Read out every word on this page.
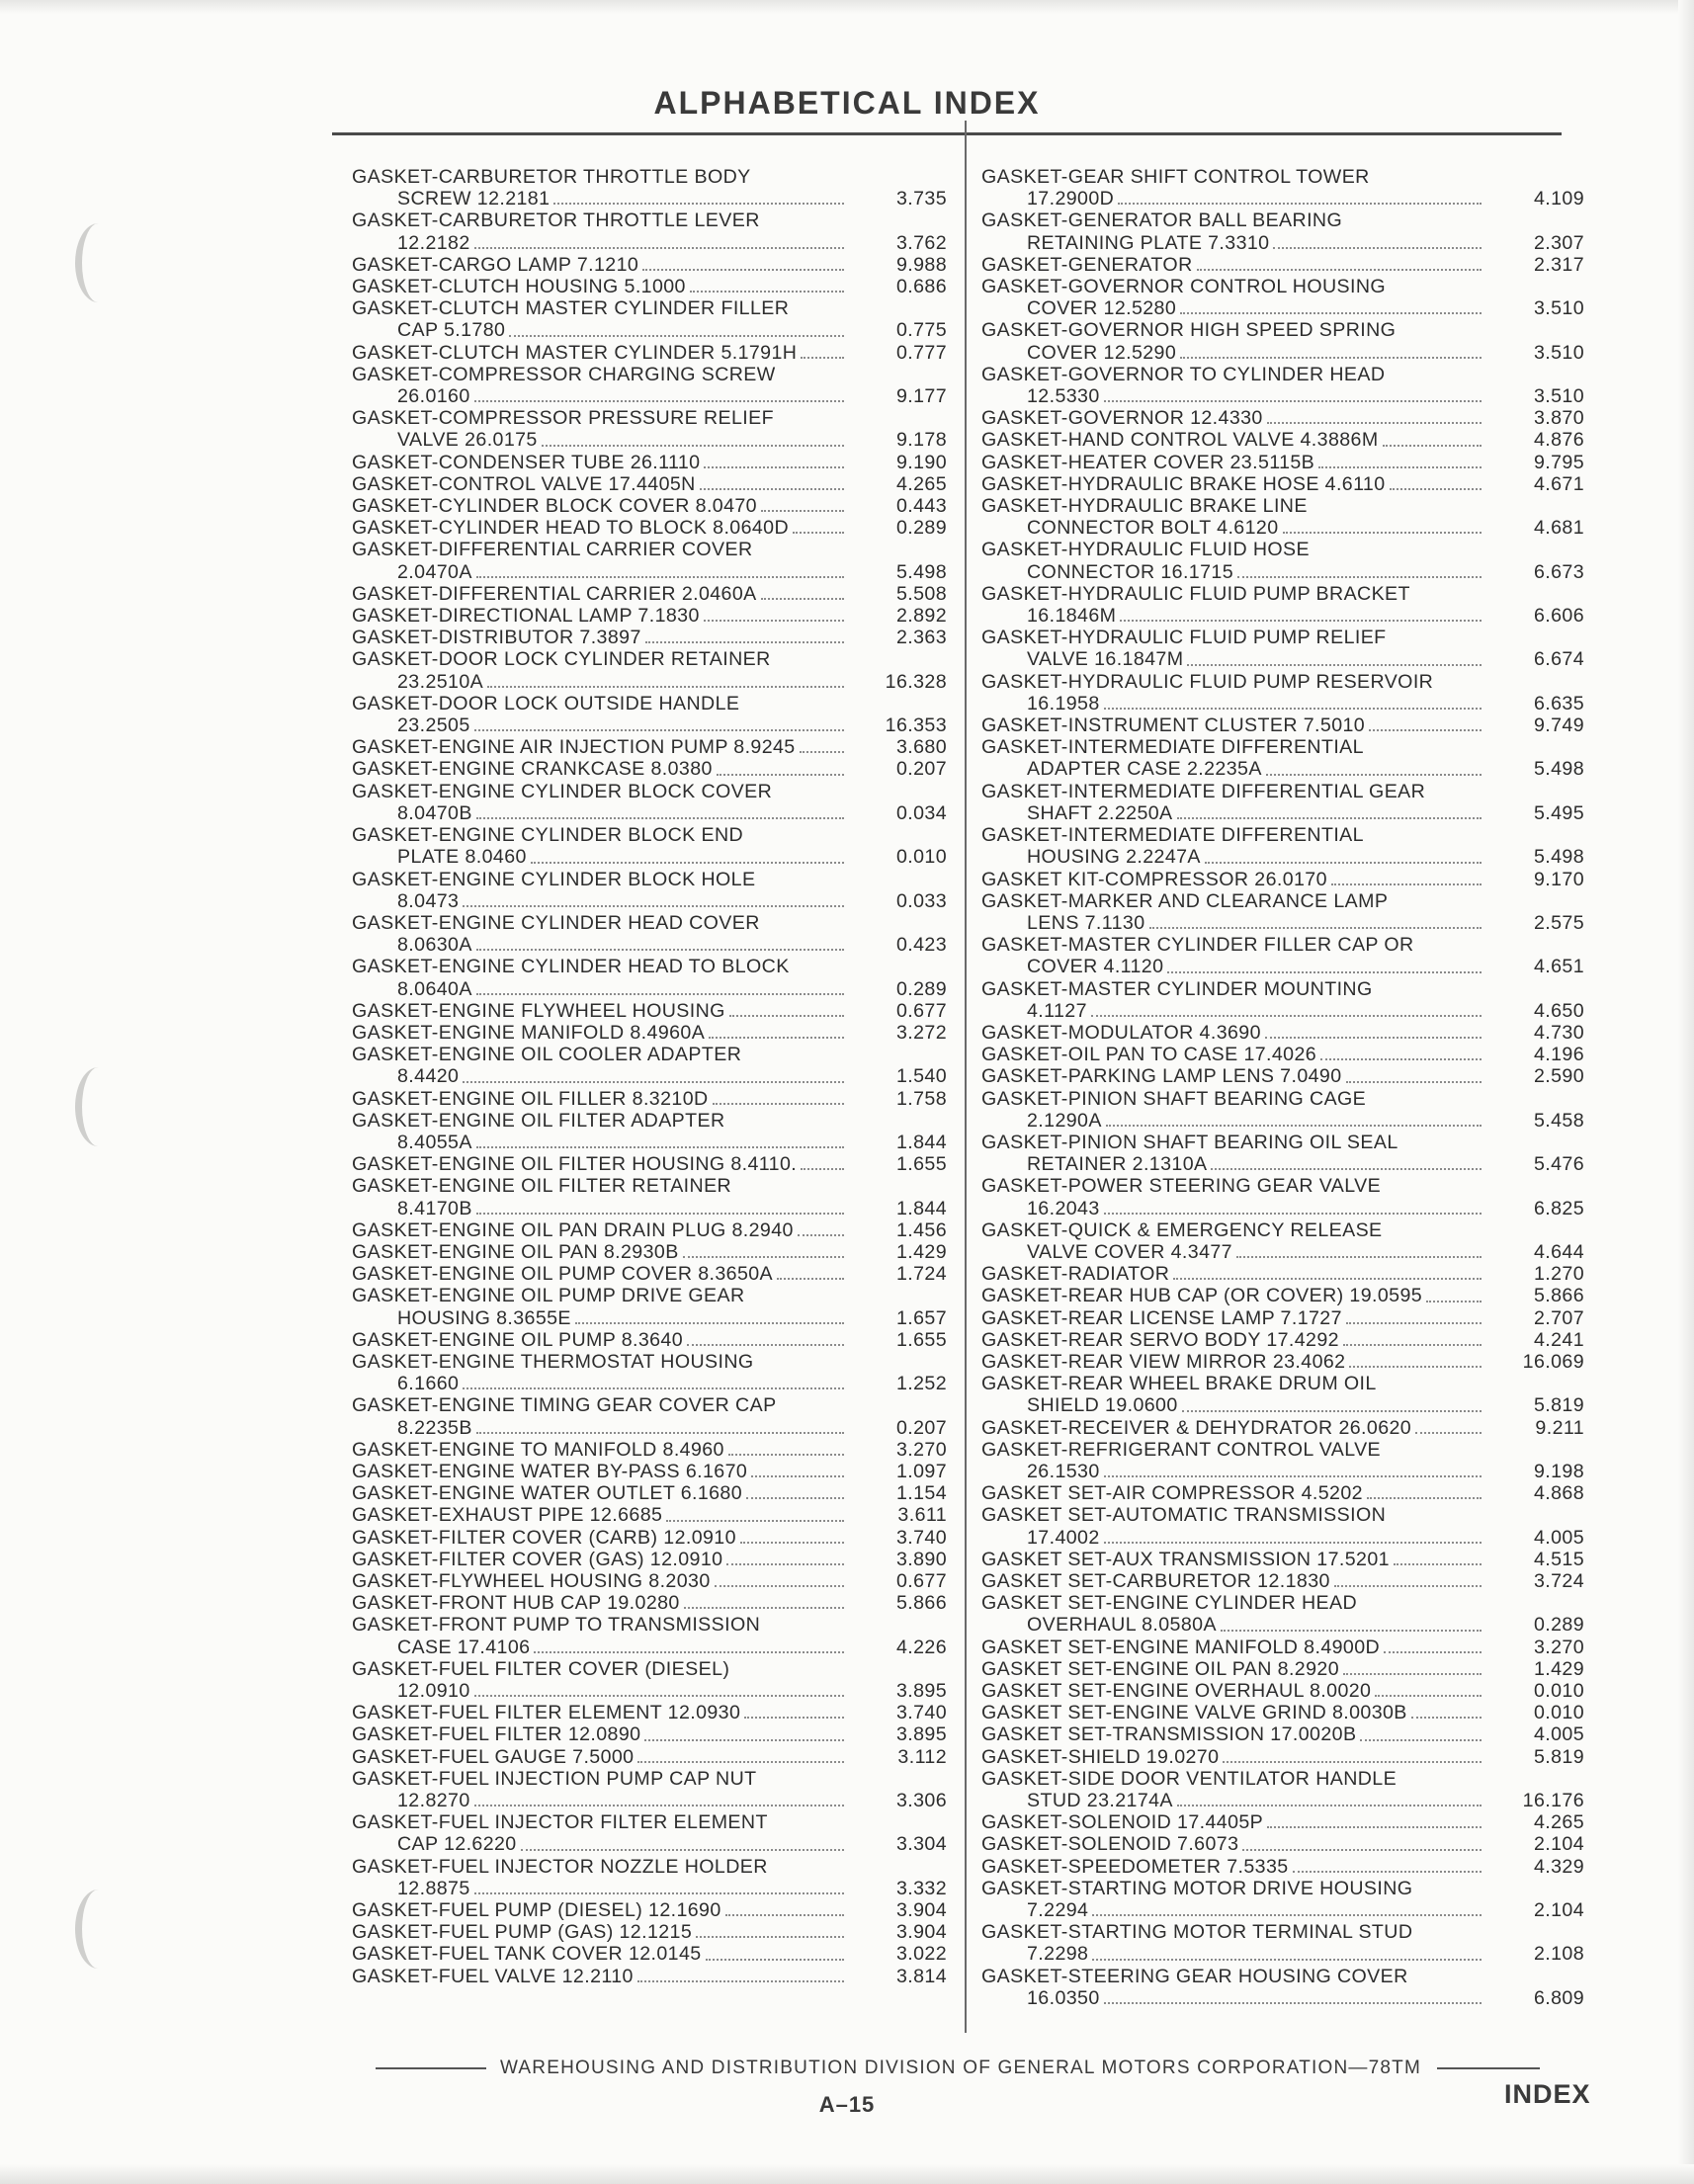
ALPHABETICAL INDEX
GASKET-CARBURETOR THROTTLE BODY
SCREW 12.2181	3.735
GASKET-CARBURETOR THROTTLE LEVER
12.2182	3.762
GASKET-CARGO LAMP 7.1210	9.988
GASKET-CLUTCH HOUSING 5.1000	0.686
GASKET-CLUTCH MASTER CYLINDER FILLER
CAP 5.1780	0.775
GASKET-CLUTCH MASTER CYLINDER 5.1791H	0.777
GASKET-COMPRESSOR CHARGING SCREW
26.0160	9.177
GASKET-COMPRESSOR PRESSURE RELIEF
VALVE 26.0175	9.178
GASKET-CONDENSER TUBE 26.1110	9.190
GASKET-CONTROL VALVE 17.4405N	4.265
GASKET-CYLINDER BLOCK COVER 8.0470	0.443
GASKET-CYLINDER HEAD TO BLOCK 8.0640D	0.289
GASKET-DIFFERENTIAL CARRIER COVER
2.0470A	5.498
GASKET-DIFFERENTIAL CARRIER 2.0460A	5.508
GASKET-DIRECTIONAL LAMP 7.1830	2.892
GASKET-DISTRIBUTOR 7.3897	2.363
GASKET-DOOR LOCK CYLINDER RETAINER
23.2510A	16.328
GASKET-DOOR LOCK OUTSIDE HANDLE
23.2505	16.353
GASKET-ENGINE AIR INJECTION PUMP 8.9245	3.680
GASKET-ENGINE CRANKCASE 8.0380	0.207
GASKET-ENGINE CYLINDER BLOCK COVER
8.0470B	0.034
GASKET-ENGINE CYLINDER BLOCK END
PLATE 8.0460	0.010
GASKET-ENGINE CYLINDER BLOCK HOLE
8.0473	0.033
GASKET-ENGINE CYLINDER HEAD COVER
8.0630A	0.423
GASKET-ENGINE CYLINDER HEAD TO BLOCK
8.0640A	0.289
GASKET-ENGINE FLYWHEEL HOUSING	0.677
GASKET-ENGINE MANIFOLD 8.4960A	3.272
GASKET-ENGINE OIL COOLER ADAPTER
8.4420	1.540
GASKET-ENGINE OIL FILLER 8.3210D	1.758
GASKET-ENGINE OIL FILTER ADAPTER
8.4055A	1.844
GASKET-ENGINE OIL FILTER HOUSING 8.4110.	1.655
GASKET-ENGINE OIL FILTER RETAINER
8.4170B	1.844
GASKET-ENGINE OIL PAN DRAIN PLUG 8.2940	1.456
GASKET-ENGINE OIL PAN 8.2930B	1.429
GASKET-ENGINE OIL PUMP COVER 8.3650A	1.724
GASKET-ENGINE OIL PUMP DRIVE GEAR
HOUSING 8.3655E	1.657
GASKET-ENGINE OIL PUMP 8.3640	1.655
GASKET-ENGINE THERMOSTAT HOUSING
6.1660	1.252
GASKET-ENGINE TIMING GEAR COVER CAP
8.2235B	0.207
GASKET-ENGINE TO MANIFOLD 8.4960	3.270
GASKET-ENGINE WATER BY-PASS 6.1670	1.097
GASKET-ENGINE WATER OUTLET 6.1680	1.154
GASKET-EXHAUST PIPE 12.6685	3.611
GASKET-FILTER COVER (CARB) 12.0910	3.740
GASKET-FILTER COVER (GAS) 12.0910	3.890
GASKET-FLYWHEEL HOUSING 8.2030	0.677
GASKET-FRONT HUB CAP 19.0280	5.866
GASKET-FRONT PUMP TO TRANSMISSION
CASE 17.4106	4.226
GASKET-FUEL FILTER COVER (DIESEL)
12.0910	3.895
GASKET-FUEL FILTER ELEMENT 12.0930	3.740
GASKET-FUEL FILTER 12.0890	3.895
GASKET-FUEL GAUGE 7.5000	3.112
GASKET-FUEL INJECTION PUMP CAP NUT
12.8270	3.306
GASKET-FUEL INJECTOR FILTER ELEMENT
CAP 12.6220	3.304
GASKET-FUEL INJECTOR NOZZLE HOLDER
12.8875	3.332
GASKET-FUEL PUMP (DIESEL) 12.1690	3.904
GASKET-FUEL PUMP (GAS) 12.1215	3.904
GASKET-FUEL TANK COVER 12.0145	3.022
GASKET-FUEL VALVE 12.2110	3.814
GASKET-GEAR SHIFT CONTROL TOWER
17.2900D	4.109
GASKET-GENERATOR BALL BEARING
RETAINING PLATE 7.3310	2.307
GASKET-GENERATOR	2.317
GASKET-GOVERNOR CONTROL HOUSING
COVER 12.5280	3.510
GASKET-GOVERNOR HIGH SPEED SPRING
COVER 12.5290	3.510
GASKET-GOVERNOR TO CYLINDER HEAD
12.5330	3.510
GASKET-GOVERNOR 12.4330	3.870
GASKET-HAND CONTROL VALVE 4.3886M	4.876
GASKET-HEATER COVER 23.5115B	9.795
GASKET-HYDRAULIC BRAKE HOSE 4.6110	4.671
GASKET-HYDRAULIC BRAKE LINE
CONNECTOR BOLT 4.6120	4.681
GASKET-HYDRAULIC FLUID HOSE
CONNECTOR 16.1715	6.673
GASKET-HYDRAULIC FLUID PUMP BRACKET
16.1846M	6.606
GASKET-HYDRAULIC FLUID PUMP RELIEF
VALVE 16.1847M	6.674
GASKET-HYDRAULIC FLUID PUMP RESERVOIR
16.1958	6.635
GASKET-INSTRUMENT CLUSTER 7.5010	9.749
GASKET-INTERMEDIATE DIFFERENTIAL
ADAPTER CASE 2.2235A	5.498
GASKET-INTERMEDIATE DIFFERENTIAL GEAR
SHAFT 2.2250A	5.495
GASKET-INTERMEDIATE DIFFERENTIAL
HOUSING 2.2247A	5.498
GASKET KIT-COMPRESSOR 26.0170	9.170
GASKET-MARKER AND CLEARANCE LAMP
LENS 7.1130	2.575
GASKET-MASTER CYLINDER FILLER CAP OR
COVER 4.1120	4.651
GASKET-MASTER CYLINDER MOUNTING
4.1127	4.650
GASKET-MODULATOR 4.3690	4.730
GASKET-OIL PAN TO CASE 17.4026	4.196
GASKET-PARKING LAMP LENS 7.0490	2.590
GASKET-PINION SHAFT BEARING CAGE
2.1290A	5.458
GASKET-PINION SHAFT BEARING OIL SEAL
RETAINER 2.1310A	5.476
GASKET-POWER STEERING GEAR VALVE
16.2043	6.825
GASKET-QUICK & EMERGENCY RELEASE
VALVE COVER 4.3477	4.644
GASKET-RADIATOR	1.270
GASKET-REAR HUB CAP (OR COVER) 19.0595	5.866
GASKET-REAR LICENSE LAMP 7.1727	2.707
GASKET-REAR SERVO BODY 17.4292	4.241
GASKET-REAR VIEW MIRROR 23.4062	16.069
GASKET-REAR WHEEL BRAKE DRUM OIL
SHIELD 19.0600	5.819
GASKET-RECEIVER & DEHYDRATOR 26.0620	9.211
GASKET-REFRIGERANT CONTROL VALVE
26.1530	9.198
GASKET SET-AIR COMPRESSOR 4.5202	4.868
GASKET SET-AUTOMATIC TRANSMISSION
17.4002	4.005
GASKET SET-AUX TRANSMISSION 17.5201	4.515
GASKET SET-CARBURETOR 12.1830	3.724
GASKET SET-ENGINE CYLINDER HEAD
OVERHAUL 8.0580A	0.289
GASKET SET-ENGINE MANIFOLD 8.4900D	3.270
GASKET SET-ENGINE OIL PAN 8.2920	1.429
GASKET SET-ENGINE OVERHAUL 8.0020	0.010
GASKET SET-ENGINE VALVE GRIND 8.0030B	0.010
GASKET SET-TRANSMISSION 17.0020B	4.005
GASKET-SHIELD 19.0270	5.819
GASKET-SIDE DOOR VENTILATOR HANDLE
STUD 23.2174A	16.176
GASKET-SOLENOID 17.4405P	4.265
GASKET-SOLENOID 7.6073	2.104
GASKET-SPEEDOMETER 7.5335	4.329
GASKET-STARTING MOTOR DRIVE HOUSING
7.2294	2.104
GASKET-STARTING MOTOR TERMINAL STUD
7.2298	2.108
GASKET-STEERING GEAR HOUSING COVER
16.0350	6.809
WAREHOUSING AND DISTRIBUTION DIVISION OF GENERAL MOTORS CORPORATION—78TM
A–15	INDEX
